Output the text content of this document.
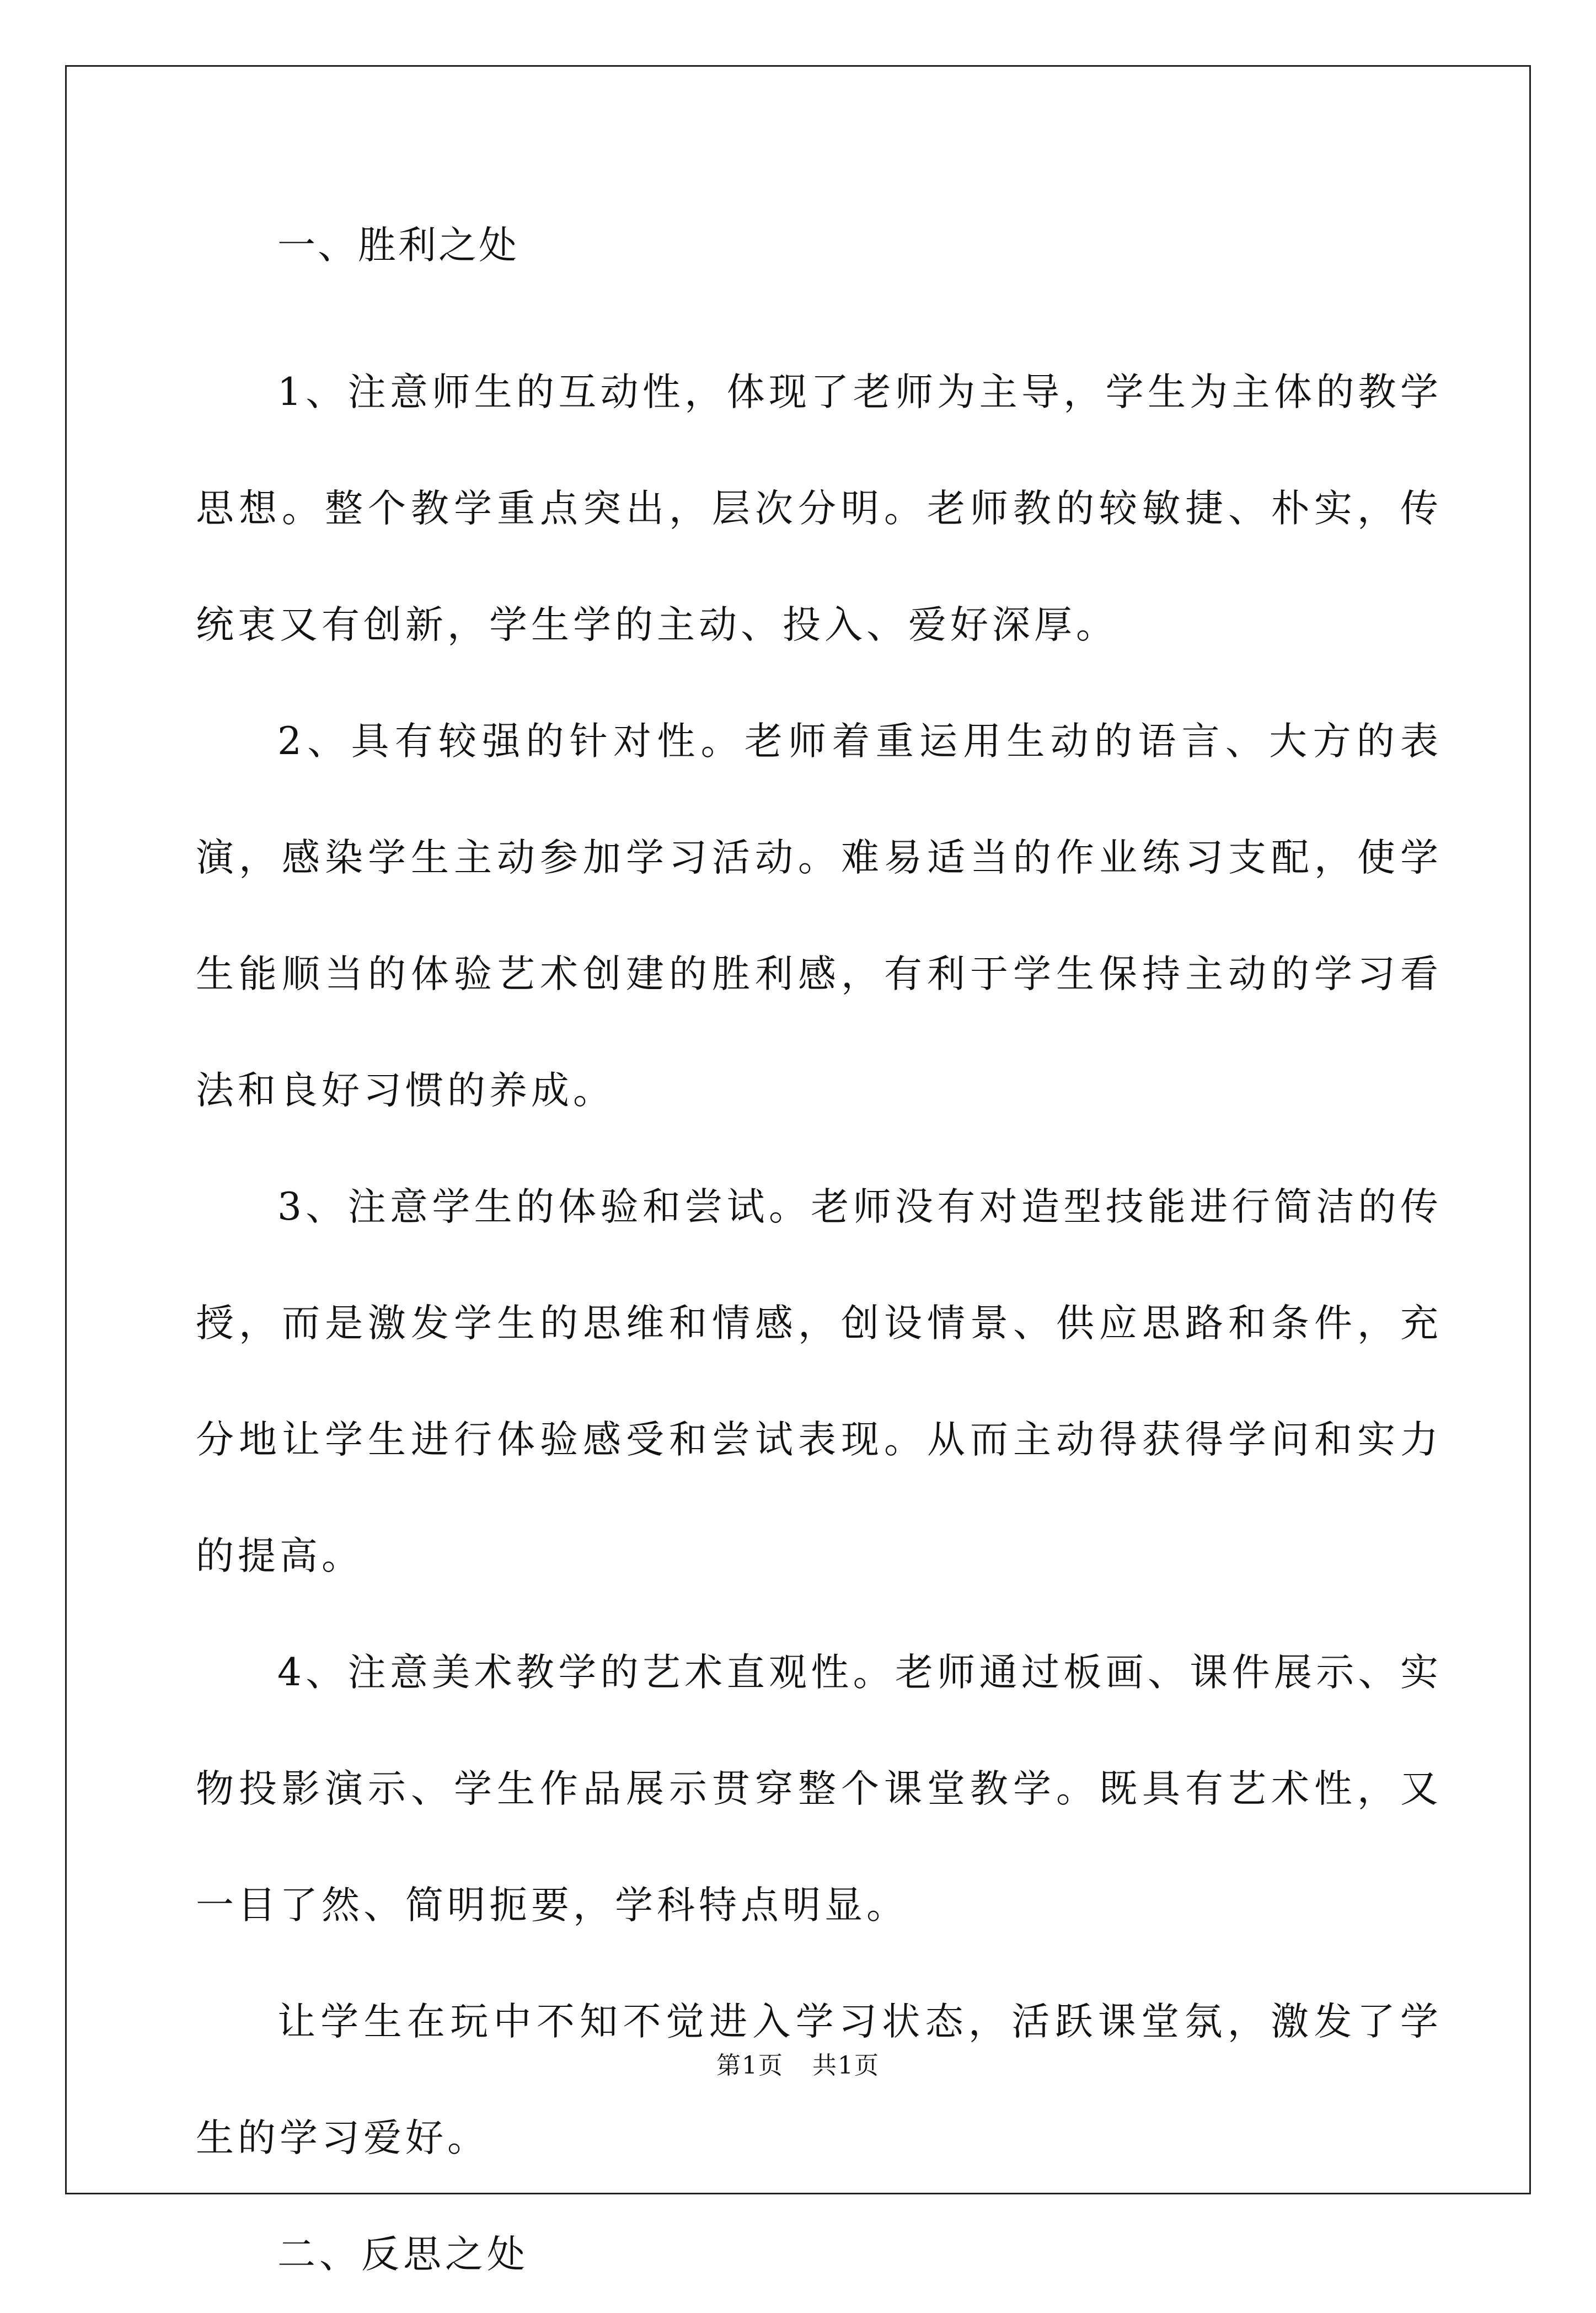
一、胜利之处

1、注意师生的互动性，体现了老师为主导，学生为主体的教学思想。整个教学重点突出，层次分明。老师教的较敏捷、朴实，传统衷又有创新，学生学的主动、投入、爱好深厚。

2、具有较强的针对性。老师着重运用生动的语言、大方的表演，感染学生主动参加学习活动。难易适当的作业练习支配，使学生能顺当的体验艺术创建的胜利感，有利于学生保持主动的学习看法和良好习惯的养成。

3、注意学生的体验和尝试。老师没有对造型技能进行简洁的传授，而是激发学生的思维和情感，创设情景、供应思路和条件，充分地让学生进行体验感受和尝试表现。从而主动得获得学问和实力的提高。

4、注意美术教学的艺术直观性。老师通过板画、课件展示、实物投影演示、学生作品展示贯穿整个课堂教学。既具有艺术性，又一目了然、简明扼要，学科特点明显。

让学生在玩中不知不觉进入学习状态，活跃课堂氛，激发了学生的学习爱好。

二、反思之处

第1页 共1页
